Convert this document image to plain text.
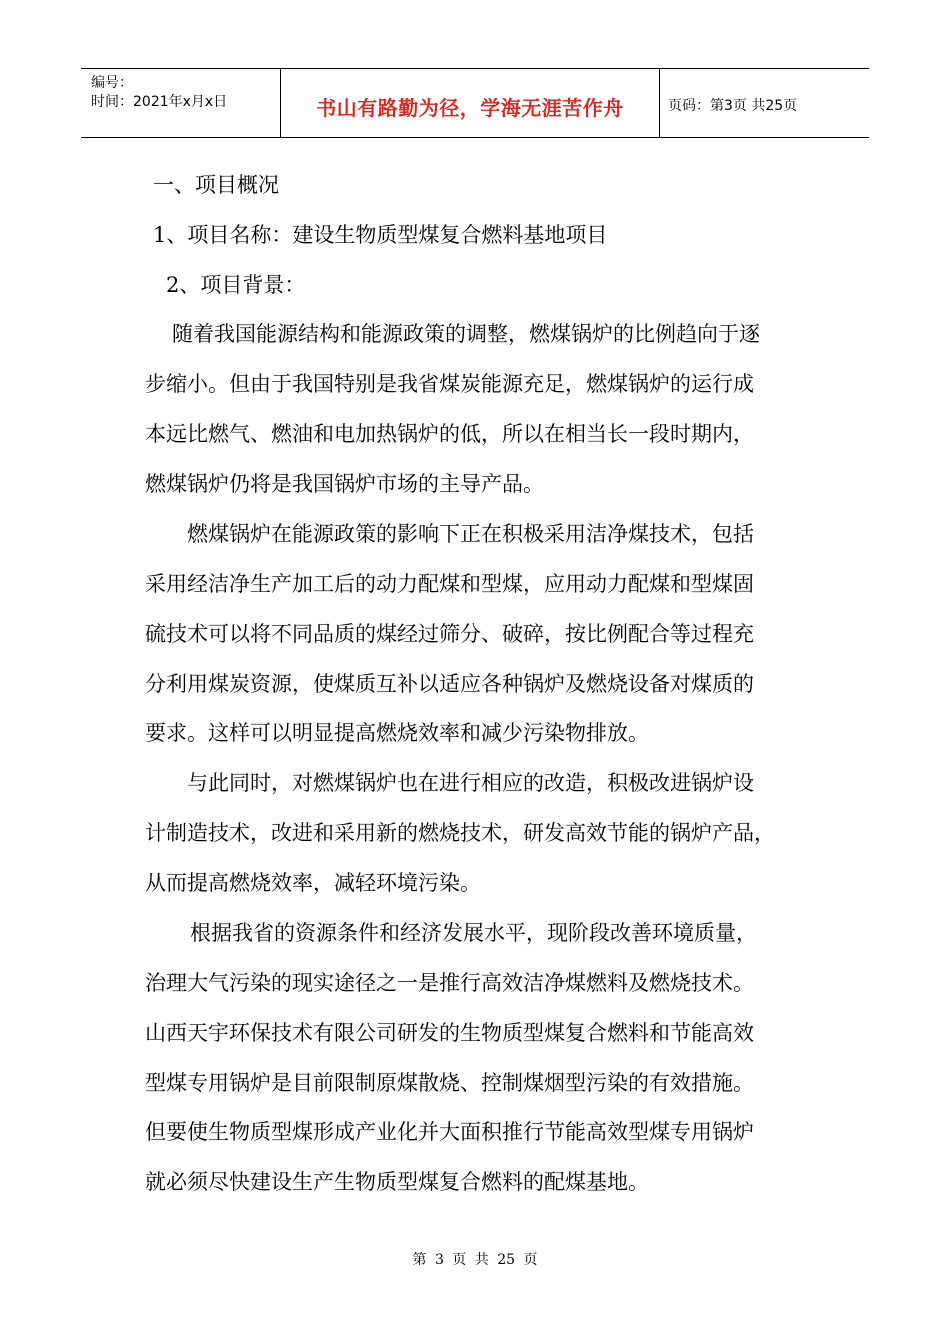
编号：
时间：2021年x月x日	书山有路勤为径，学海无涯苦作舟	页码：第3页 共25页
一、项目概况
1、项目名称：建设生物质型煤复合燃料基地项目
2、项目背景：
随着我国能源结构和能源政策的调整，燃煤锅炉的比例趋向于逐
步缩小。但由于我国特别是我省煤炭能源充足，燃煤锅炉的运行成
本远比燃气、燃油和电加热锅炉的低，所以在相当长一段时期内，
燃煤锅炉仍将是我国锅炉市场的主导产品。
燃煤锅炉在能源政策的影响下正在积极采用洁净煤技术，包括
采用经洁净生产加工后的动力配煤和型煤，应用动力配煤和型煤固
硫技术可以将不同品质的煤经过筛分、破碎，按比例配合等过程充
分利用煤炭资源，使煤质互补以适应各种锅炉及燃烧设备对煤质的
要求。这样可以明显提高燃烧效率和减少污染物排放。
与此同时，对燃煤锅炉也在进行相应的改造，积极改进锅炉设
计制造技术，改进和采用新的燃烧技术，研发高效节能的锅炉产品，
从而提高燃烧效率，减轻环境污染。
根据我省的资源条件和经济发展水平，现阶段改善环境质量，
治理大气污染的现实途径之一是推行高效洁净煤燃料及燃烧技术。
山西天宇环保技术有限公司研发的生物质型煤复合燃料和节能高效
型煤专用锅炉是目前限制原煤散烧、控制煤烟型污染的有效措施。
但要使生物质型煤形成产业化并大面积推行节能高效型煤专用锅炉
就必须尽快建设生产生物质型煤复合燃料的配煤基地。
第 3 页 共 25 页
